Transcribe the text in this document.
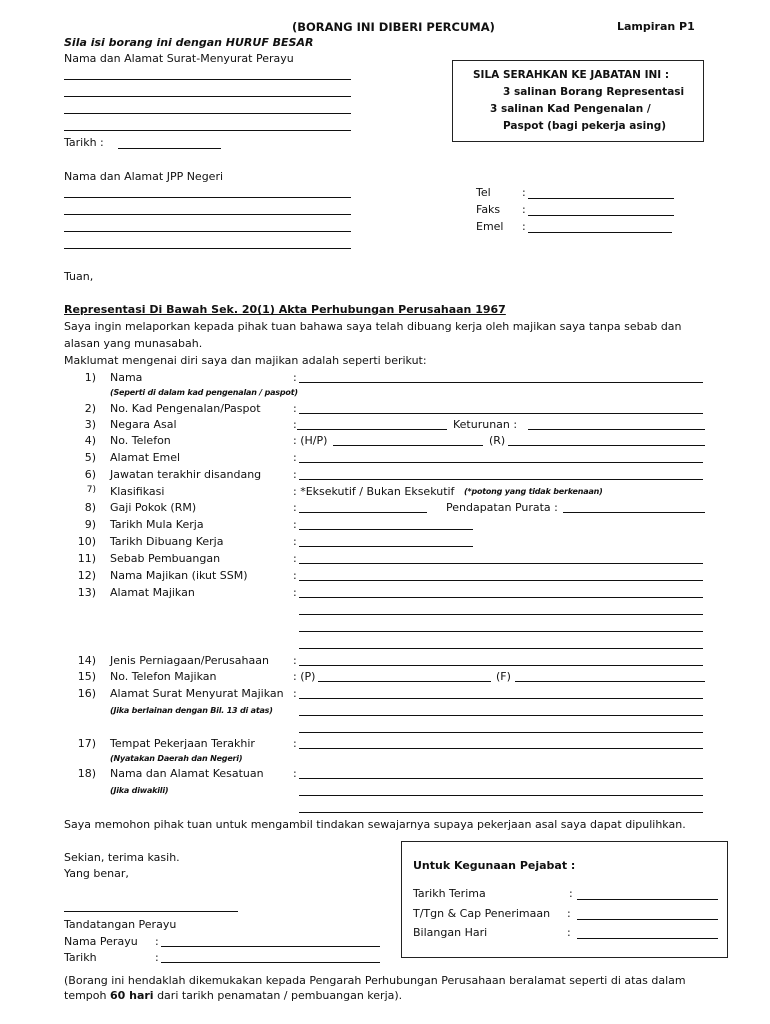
(BORANG INI DIBERI PERCUMA)	Lampiran P1
Sila isi borang ini dengan HURUF BESAR
Nama dan Alamat Surat-Menyurat Perayu
Tarikh :
SILA SERAHKAN KE JABATAN INI :
3 salinan Borang Representasi
3 salinan Kad Pengenalan /
Paspot (bagi pekerja asing)
Nama dan Alamat JPP Negeri
Tel	:
Faks :
Emel :
Tuan,
Representasi Di Bawah Sek. 20(1) Akta Perhubungan Perusahaan 1967
Saya ingin melaporkan kepada pihak tuan bahawa saya telah dibuang kerja oleh majikan saya tanpa sebab dan
alasan yang munasabah.
Maklumat mengenai diri saya dan majikan adalah seperti berikut:
1) Nama	:
(Seperti di dalam kad pengenalan / paspot)
2) No. Kad Pengenalan/Paspot	:
3) Negara Asal	:	Keturunan :
4) No. Telefon	: (H/P)	(R)
5) Alamat Emel	:
6) Jawatan terakhir disandang	:
7) Klasifikasi	: *Eksekutif / Bukan Eksekutif (*potong yang tidak berkenaan)
8) Gaji Pokok (RM)	:	Pendapatan Purata :
9) Tarikh Mula Kerja	:
10) Tarikh Dibuang Kerja	:
11) Sebab Pembuangan	:
12) Nama Majikan (ikut SSM)	:
13) Alamat Majikan	:
14) Jenis Perniagaan/Perusahaan :
15) No. Telefon Majikan	: (P)	(F)
16) Alamat Surat Menyurat Majikan :
(Jika berlainan dengan Bil. 13 di atas)
17) Tempat Pekerjaan Terakhir	:
(Nyatakan Daerah dan Negeri)
18) Nama dan Alamat Kesatuan	:
(Jika diwakili)
Saya memohon pihak tuan untuk mengambil tindakan sewajarnya supaya pekerjaan asal saya dapat dipulihkan.
Sekian, terima kasih.
Yang benar,
Tandatangan Perayu
Nama Perayu :
Tarikh	:
Untuk Kegunaan Pejabat :
Tarikh Terima	:
T/Tgn & Cap Penerimaan :
Bilangan Hari	:
(Borang ini hendaklah dikemukakan kepada Pengarah Perhubungan Perusahaan beralamat seperti di atas dalam
tempoh 60 hari dari tarikh penamatan / pembuangan kerja).
